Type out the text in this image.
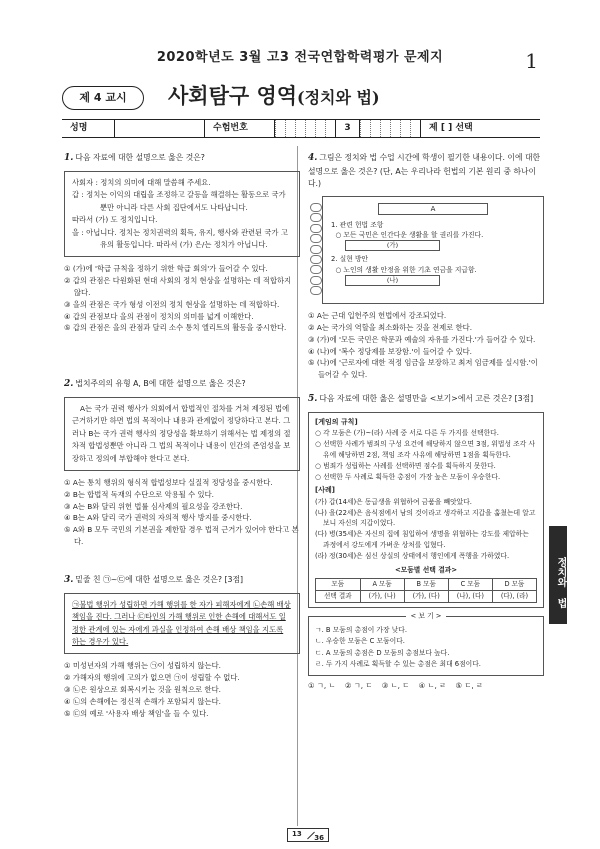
2020학년도 3월 고3 전국연합학력평가 문제지	1
제 4 교시	사회탐구 영역(정치와 법)
성명	수험번호	3	제 [ ] 선택
1. 다음 자료에 대한 설명으로 옳은 것은?
사회자 : 정치의 의미에 대해 말씀해 주세요.
갑 : 정치는 이익의 대립을 조정하고 갈등을 해결하는 활동으로 국가뿐만 아니라 다른 사회 집단에서도 나타납니다.
따라서 (가) 도 정치입니다.
을 : 아닙니다. 정치는 정치권력의 획득, 유지, 행사와 관련된 국가 고유의 활동입니다. 따라서 (가) 은/는 정치가 아닙니다.
① (가)에 '학급 규칙을 정하기 위한 학급 회의'가 들어갈 수 있다.
② 갑의 관점은 다원화된 현대 사회의 정치 현상을 설명하는 데 적합하지 않다.
③ 을의 관점은 국가 형성 이전의 정치 현상을 설명하는 데 적합하다.
④ 갑의 관점보다 을의 관점이 정치의 의미를 넓게 이해한다.
⑤ 갑의 관점은 을의 관점과 달리 소수 통치 엘리트의 활동을 중시한다.
2. 법치주의의 유형 A, B에 대한 설명으로 옳은 것은?
A는 국가 권력 행사가 의회에서 합법적인 절차를 거쳐 제정된 법에 근거하기만 하면 법의 목적이나 내용과 관계없이 정당하다고 본다. 그러나 B는 국가 권력 행사의 정당성을 확보하기 위해서는 법 제정의 절차적 합법성뿐만 아니라 그 법의 목적이나 내용이 인간의 존엄성을 보장하고 정의에 부합해야 한다고 본다.
① A는 통치 행위의 형식적 합법성보다 실질적 정당성을 중시한다.
② B는 합법적 독재의 수단으로 악용될 수 있다.
③ A는 B와 달리 위헌 법률 심사제의 필요성을 강조한다.
④ B는 A와 달리 국가 권력의 자의적 행사 방지를 중시한다.
⑤ A와 B 모두 국민의 기본권을 제한할 경우 법적 근거가 있어야 한다고 본다.
3. 밑줄 친 ㉠~㉢에 대한 설명으로 옳은 것은? [3점]
㉠불법 행위가 성립하면 가해 행위를 한 자가 피해자에게 ㉡손해 배상 책임을 진다. 그러나 ㉢타인의 가해 행위로 인한 손해에 대해서도 일정한 관계에 있는 자에게 과실을 인정하여 손해 배상 책임을 지도록 하는 경우가 있다.
① 미성년자의 가해 행위는 ㉠이 성립하지 않는다.
② 가해자의 행위에 고의가 없으면 ㉠이 성립할 수 없다.
③ ㉡은 원상으로 회복시키는 것을 원칙으로 한다.
④ ㉡의 손해에는 정신적 손해가 포함되지 않는다.
⑤ ㉢의 예로 '사용자 배상 책임'을 들 수 있다.
4. 그림은 정치와 법 수업 시간에 학생이 필기한 내용이다. 이에 대한 설명으로 옳은 것은? (단, A는 우리나라 헌법의 기본 원리 중 하나이다.)
A
1. 관련 헌법 조항
○ 모든 국민은 인간다운 생활을 할 권리를 가진다.
(가)
2. 실현 방안
○ 노인의 생활 안정을 위한 기초 연금을 지급함.
(나)
① A는 근대 입헌주의 헌법에서 강조되었다.
② A는 국가의 역할을 최소화하는 것을 전제로 한다.
③ (가)에 '모든 국민은 학문과 예술의 자유를 가진다.'가 들어갈 수 있다.
④ (나)에 '복수 정당제를 보장함.'이 들어갈 수 있다.
⑤ (나)에 '근로자에 대한 적정 임금을 보장하고 최저 임금제를 실시함.'이 들어갈 수 있다.
5. 다음 자료에 대한 옳은 설명만을 <보기>에서 고른 것은? [3점]
[게임의 규칙]
○ 각 모둠은 (가)~(라) 사례 중 서로 다른 두 가지를 선택한다.
○ 선택한 사례가 범죄의 구성 요건에 해당하지 않으면 3점, 위법성 조각 사유에 해당하면 2점, 책임 조각 사유에 해당하면 1점을 획득한다.
○ 범죄가 성립하는 사례를 선택하면 점수를 획득하지 못한다.
○ 선택한 두 사례로 획득한 총점이 가장 높은 모둠이 우승한다.
[사례]
(가) 갑(14세)은 동급생을 위협하여 금품을 빼앗았다.
(나) 을(22세)은 음식점에서 남의 것이라고 생각하고 지갑을 훔쳤는데 알고 보니 자신의 지갑이었다.
(다) 병(35세)은 자신의 집에 침입하여 생명을 위협하는 강도를 제압하는 과정에서 강도에게 가벼운 상처를 입혔다.
(라) 정(30세)은 심신 상실의 상태에서 행인에게 폭행을 가하였다.
<모둠별 선택 결과>
모둠	A 모둠	B 모둠	C 모둠	D 모둠
선택 결과	(가), (나)	(가), (다)	(나), (다)	(다), (라)
< 보 기 >
ㄱ. B 모둠의 총점이 가장 낮다.
ㄴ. 우승한 모둠은 C 모둠이다.
ㄷ. A 모둠의 총점은 D 모둠의 총점보다 높다.
ㄹ. 두 가지 사례로 획득할 수 있는 총점은 최대 6점이다.
① ㄱ, ㄴ    ② ㄱ, ㄷ    ③ ㄴ, ㄷ    ④ ㄴ, ㄹ    ⑤ ㄷ, ㄹ
정치와 법
13 36
